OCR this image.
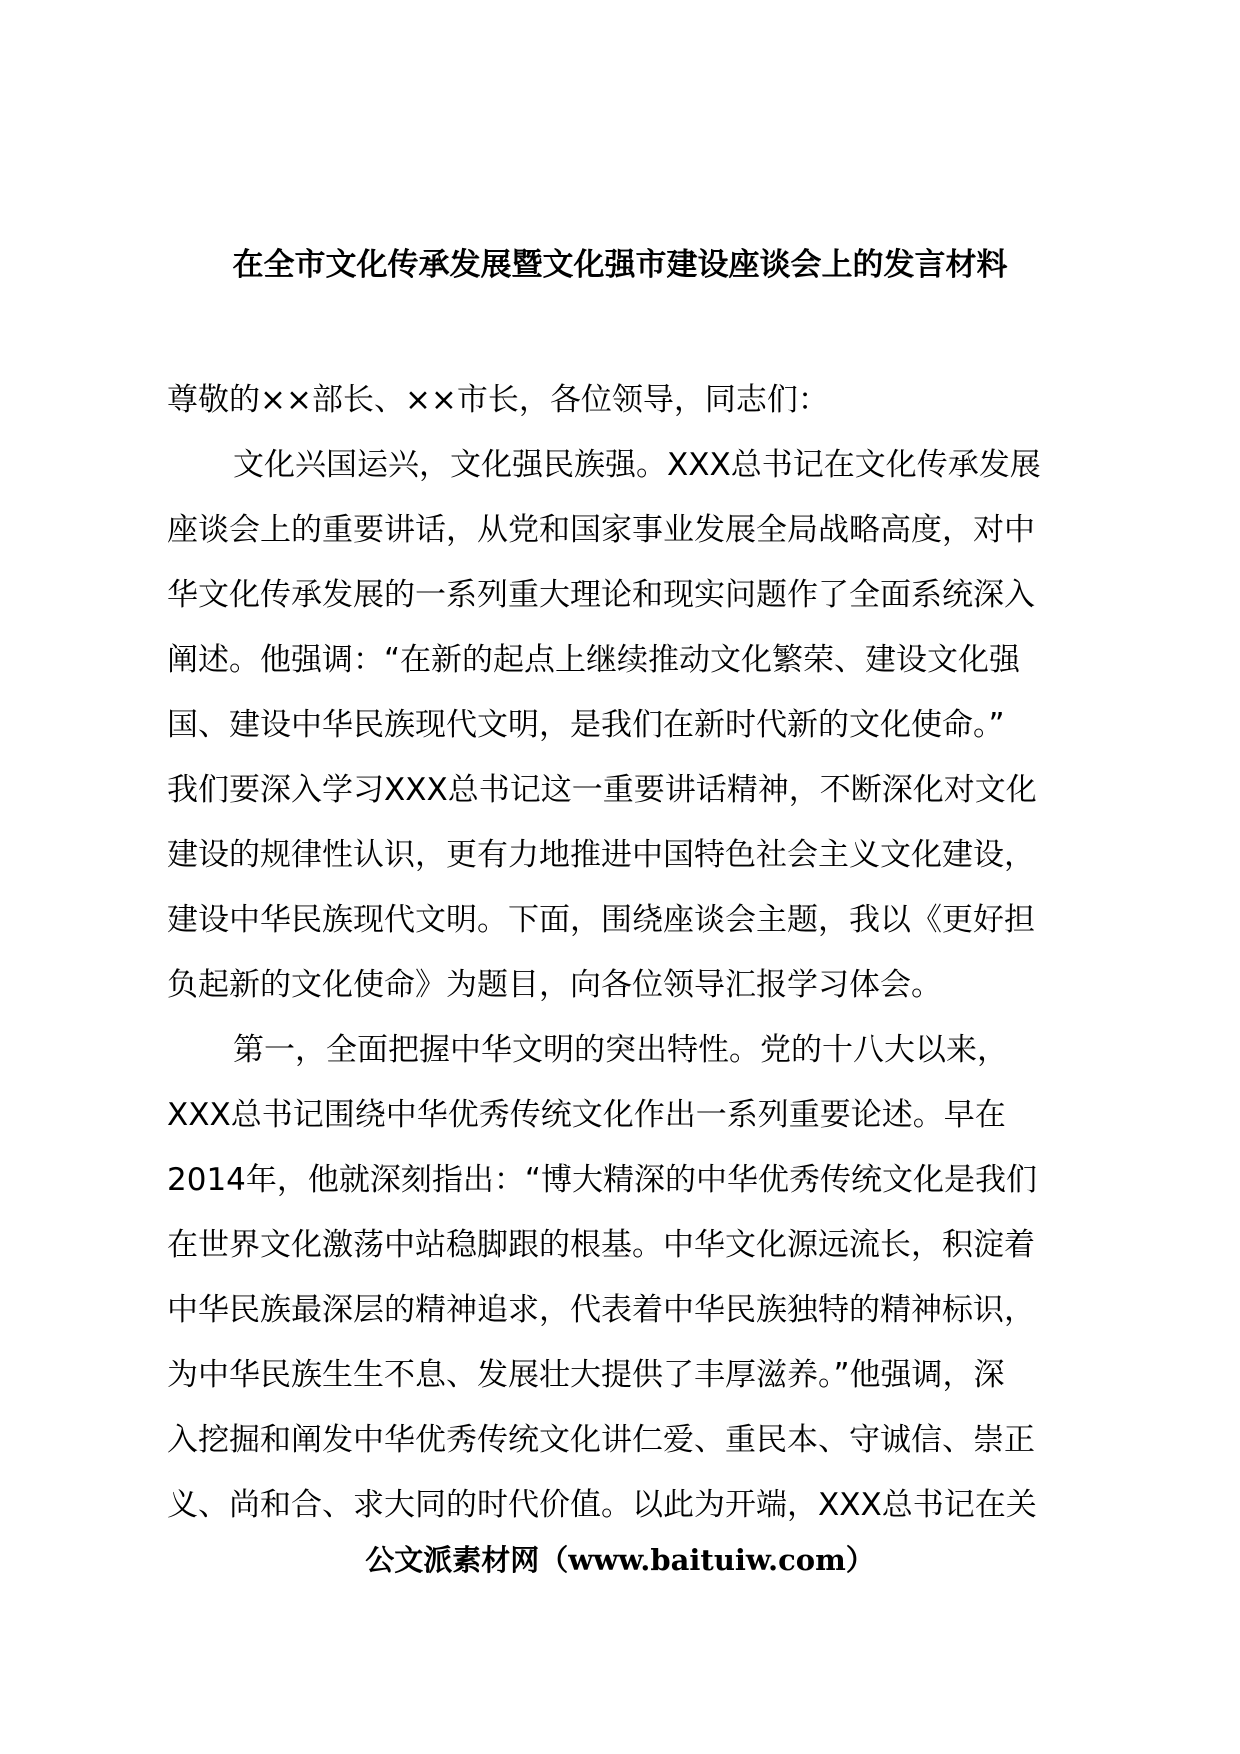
在全市文化传承发展暨文化强市建设座谈会上的发言材料
尊敬的××部长、××市长，各位领导，同志们：
文化兴国运兴，文化强民族强。XXX总书记在文化传承发展
座谈会上的重要讲话，从党和国家事业发展全局战略高度，对中
华文化传承发展的一系列重大理论和现实问题作了全面系统深入
阐述。他强调：“在新的起点上继续推动文化繁荣、建设文化强
国、建设中华民族现代文明，是我们在新时代新的文化使命。”
我们要深入学习XXX总书记这一重要讲话精神，不断深化对文化
建设的规律性认识，更有力地推进中国特色社会主义文化建设，
建设中华民族现代文明。下面，围绕座谈会主题，我以《更好担
负起新的文化使命》为题目，向各位领导汇报学习体会。
第一，全面把握中华文明的突出特性。党的十八大以来，
XXX总书记围绕中华优秀传统文化作出一系列重要论述。早在
2014年，他就深刻指出：“博大精深的中华优秀传统文化是我们
在世界文化激荡中站稳脚跟的根基。中华文化源远流长，积淀着
中华民族最深层的精神追求，代表着中华民族独特的精神标识，
为中华民族生生不息、发展壮大提供了丰厚滋养。”他强调，深
入挖掘和阐发中华优秀传统文化讲仁爱、重民本、守诚信、崇正
义、尚和合、求大同的时代价值。以此为开端，XXX总书记在关
公文派素材网（www.baituiw.com）
